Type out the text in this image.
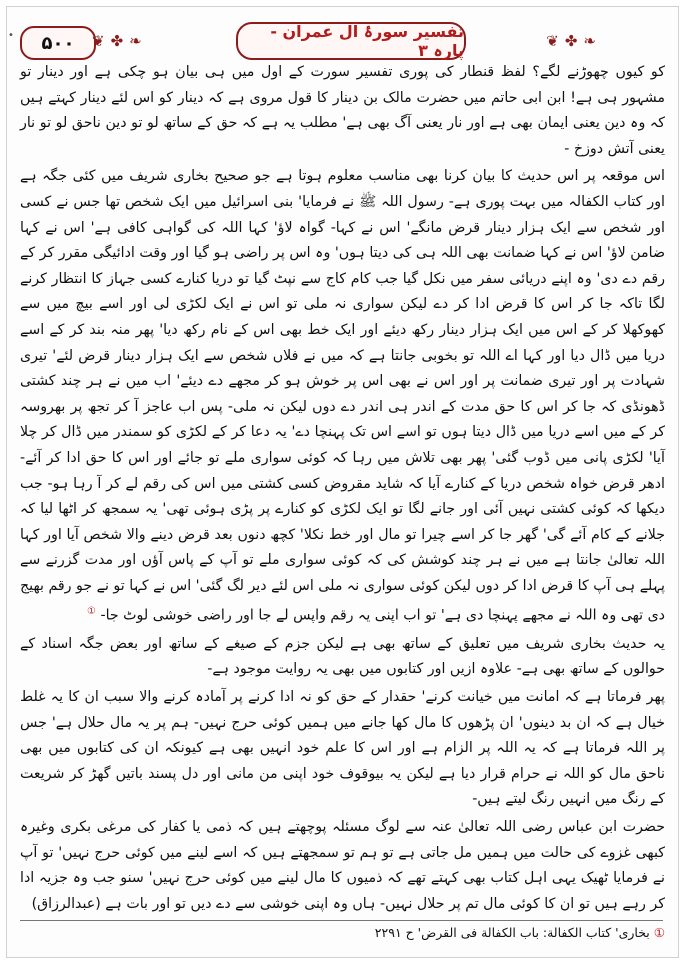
• ۵۰۰ ❦✤❧	تفسیر سورۂ آل عمران - پارہ ۳	❦✤❧

کو کیوں چھوڑنے لگے؟ لفظ قنطار کی پوری تفسیر سورت کے اول میں ہی بیان ہو چکی ہے اور دینار تو مشہور ہی ہے! ابن ابی حاتم میں حضرت مالک بن دینار کا قول مروی ہے کہ دینار کو اس لئے دینار کہتے ہیں کہ وہ دین یعنی ایمان بھی ہے اور نار یعنی آگ بھی ہے' مطلب یہ ہے کہ حق کے ساتھ لو تو دین ناحق لو تو نار یعنی آتش دوزخ -

اس موقعہ پر اس حدیث کا بیان کرنا بھی مناسب معلوم ہوتا ہے جو صحیح بخاری شریف میں کئی جگہ ہے اور کتاب الکفالہ میں بہت پوری ہے- رسول اللہ ﷺ نے فرمایا' بنی اسرائیل میں ایک شخص تھا جس نے کسی اور شخص سے ایک ہزار دینار قرض مانگے' اس نے کہا- گواہ لاؤ' کہا اللہ کی گواہی کافی ہے' اس نے کہا ضامن لاؤ' اس نے کہا ضمانت بھی اللہ ہی کی دیتا ہوں' وہ اس پر راضی ہو گیا اور وقت ادائیگی مقرر کر کے رقم دے دی' وہ اپنے دریائی سفر میں نکل گیا جب کام کاج سے نپٹ گیا تو دریا کنارے کسی جہاز کا انتظار کرنے لگا تاکہ جا کر اس کا قرض ادا کر دے لیکن سواری نہ ملی تو اس نے ایک لکڑی لی اور اسے بیچ میں سے کھوکھلا کر کے اس میں ایک ہزار دینار رکھ دیئے اور ایک خط بھی اس کے نام رکھ دیا' پھر منہ بند کر کے اسے دریا میں ڈال دیا اور کہا اے اللہ تو بخوبی جانتا ہے کہ میں نے فلاں شخص سے ایک ہزار دینار قرض لئے' تیری شہادت پر اور تیری ضمانت پر اور اس نے بھی اس پر خوش ہو کر مجھے دے دیئے' اب میں نے ہر چند کشتی ڈھونڈی کہ جا کر اس کا حق مدت کے اندر ہی اندر دے دوں لیکن نہ ملی- پس اب عاجز آ کر تجھ پر بھروسہ کر کے میں اسے دریا میں ڈال دیتا ہوں تو اسے اس تک پہنچا دے' یہ دعا کر کے لکڑی کو سمندر میں ڈال کر چلا آیا' لکڑی پانی میں ڈوب گئی' پھر بھی تلاش میں رہا کہ کوئی سواری ملے تو جائے اور اس کا حق ادا کر آئے- ادھر قرض خواہ شخص دریا کے کنارے آیا کہ شاید مقروض کسی کشتی میں اس کی رقم لے کر آ رہا ہو- جب دیکھا کہ کوئی کشتی نہیں آئی اور جانے لگا تو ایک لکڑی کو کنارے پر پڑی ہوئی تھی' یہ سمجھ کر اٹھا لیا کہ جلانے کے کام آئے گی' گھر جا کر اسے چیرا تو مال اور خط نکلا' کچھ دنوں بعد قرض دینے والا شخص آیا اور کہا اللہ تعالیٰ جانتا ہے میں نے ہر چند کوشش کی کہ کوئی سواری ملے تو آپ کے پاس آؤں اور مدت گزرنے سے پہلے ہی آپ کا قرض ادا کر دوں لیکن کوئی سواری نہ ملی اس لئے دیر لگ گئی' اس نے کہا تو نے جو رقم بھیج دی تھی وہ اللہ نے مجھے پہنچا دی ہے' تو اب اپنی یہ رقم واپس لے جا اور راضی خوشی لوٹ جا- ①

یہ حدیث بخاری شریف میں تعلیق کے ساتھ بھی ہے لیکن جزم کے صیغے کے ساتھ اور بعض جگہ اسناد کے حوالوں کے ساتھ بھی ہے- علاوہ ازیں اور کتابوں میں بھی یہ روایت موجود ہے-

پھر فرماتا ہے کہ امانت میں خیانت کرنے' حقدار کے حق کو نہ ادا کرنے پر آمادہ کرنے والا سبب ان کا یہ غلط خیال ہے کہ ان بد دینوں' ان پڑھوں کا مال کھا جانے میں ہمیں کوئی حرج نہیں- ہم پر یہ مال حلال ہے' جس پر اللہ فرماتا ہے کہ یہ اللہ پر الزام ہے اور اس کا علم خود انہیں بھی ہے کیونکہ ان کی کتابوں میں بھی ناحق مال کو اللہ نے حرام قرار دیا ہے لیکن یہ بیوقوف خود اپنی من مانی اور دل پسند باتیں گھڑ کر شریعت کے رنگ میں انہیں رنگ لیتے ہیں-

حضرت ابن عباس رضی اللہ تعالیٰ عنہ سے لوگ مسئلہ پوچھتے ہیں کہ ذمی یا کفار کی مرغی بکری وغیرہ کبھی غزوے کی حالت میں ہمیں مل جاتی ہے تو ہم تو سمجھتے ہیں کہ اسے لینے میں کوئی حرج نہیں' تو آپ نے فرمایا ٹھیک یہی اہل کتاب بھی کہتے تھے کہ ذمیوں کا مال لینے میں کوئی حرج نہیں' سنو جب وہ جزیہ ادا کر رہے ہیں تو ان کا کوئی مال تم پر حلال نہیں- ہاں وہ اپنی خوشی سے دے دیں تو اور بات ہے (عبدالرزاق)

① بخاری' کتاب الکفالة: باب الکفالة فی القرض' ح ۲۲۹۱
